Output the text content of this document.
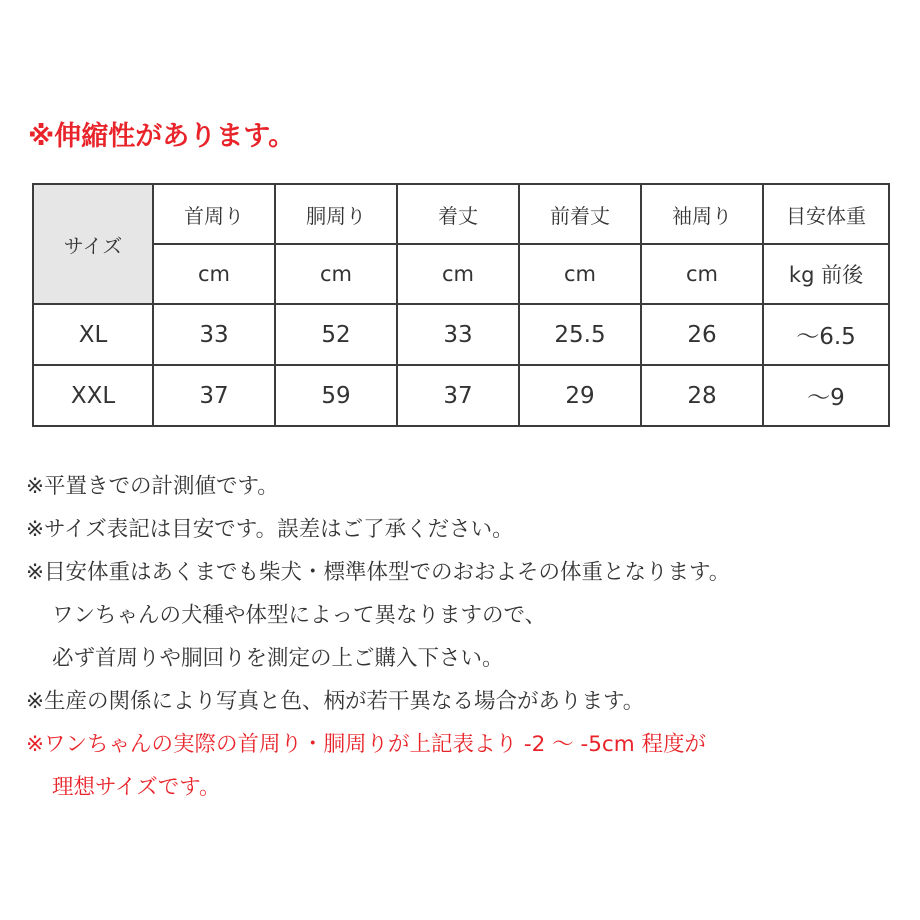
※伸縮性があります。
サイズ	首周り	胴周り	着丈	前着丈	袖周り	目安体重
	cm	cm	cm	cm	cm	kg 前後
XL	33	52	33	25.5	26	～6.5
XXL	37	59	37	29	28	～9
※平置きでの計測値です。
※サイズ表記は目安です。誤差はご了承ください。
※目安体重はあくまでも柴犬・標準体型でのおおよその体重となります。
ワンちゃんの犬種や体型によって異なりますので、
必ず首周りや胴回りを測定の上ご購入下さい。
※生産の関係により写真と色、柄が若干異なる場合があります。
※ワンちゃんの実際の首周り・胴周りが上記表より -2 ～ -5cm 程度が
理想サイズです。
